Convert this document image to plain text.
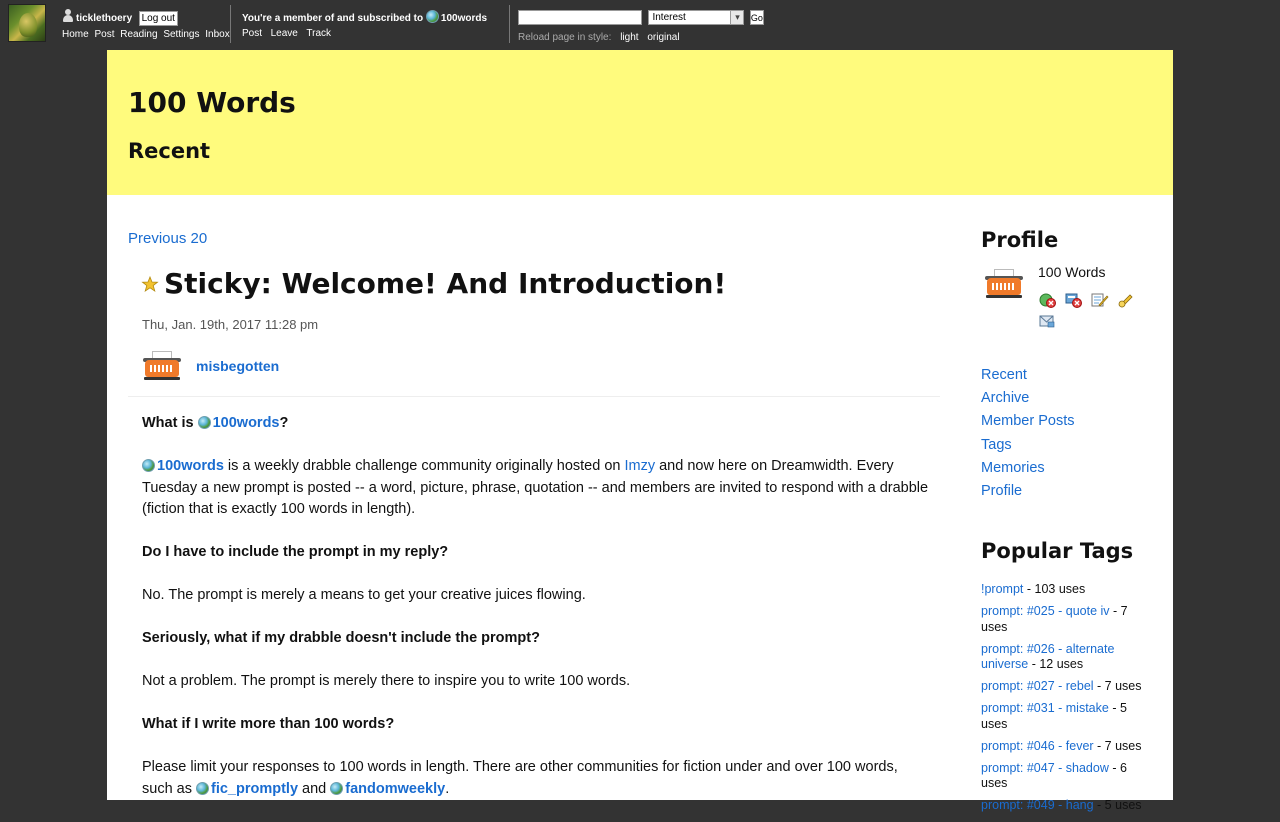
ticklethoery Log out
Home Post Reading Settings Inbox
You're a member of and subscribed to 100words
Post Leave Track
Interest	▾	Go
Reload page in style: light original
100 Words
Recent
Previous 20
Sticky: Welcome! And Introduction!
Thu, Jan. 19th, 2017 11:28 pm
misbegotten

What is 100words?

100words is a weekly drabble challenge community originally hosted on Imzy and now here on Dreamwidth. Every Tuesday a new prompt is posted -- a word, picture, phrase, quotation -- and members are invited to respond with a drabble (fiction that is exactly 100 words in length).

Do I have to include the prompt in my reply?

No. The prompt is merely a means to get your creative juices flowing.

Seriously, what if my drabble doesn't include the prompt?

Not a problem. The prompt is merely there to inspire you to write 100 words.

What if I write more than 100 words?

Please limit your responses to 100 words in length. There are other communities for fiction under and over 100 words, such as fic_promptly and fandomweekly.

Profile
100 Words
Recent
Archive
Member Posts
Tags
Memories
Profile
Popular Tags
!prompt - 103 uses
prompt: #025 - quote iv - 7 uses
prompt: #026 - alternate universe - 12 uses
prompt: #027 - rebel - 7 uses
prompt: #031 - mistake - 5 uses
prompt: #046 - fever - 7 uses
prompt: #047 - shadow - 6 uses
prompt: #049 - hang - 5 uses
